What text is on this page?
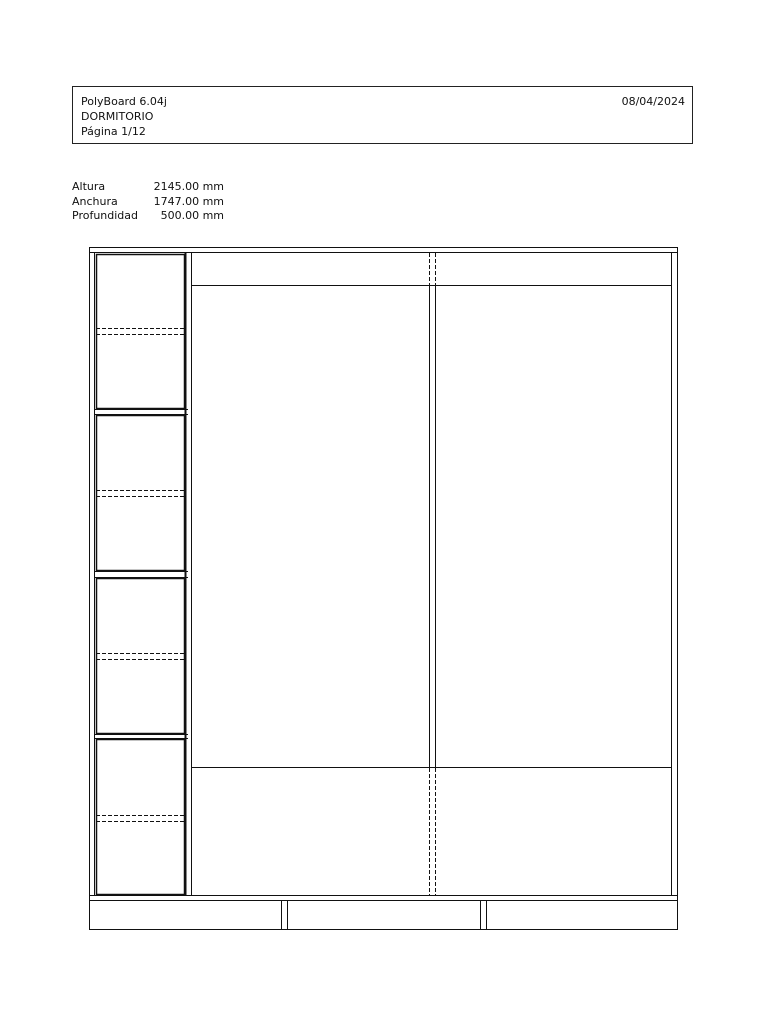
PolyBoard 6.04j
DORMITORIO
Página 1/12
08/04/2024
Altura	2145.00 mm
Anchura	1747.00 mm
Profundidad 500.00 mm
